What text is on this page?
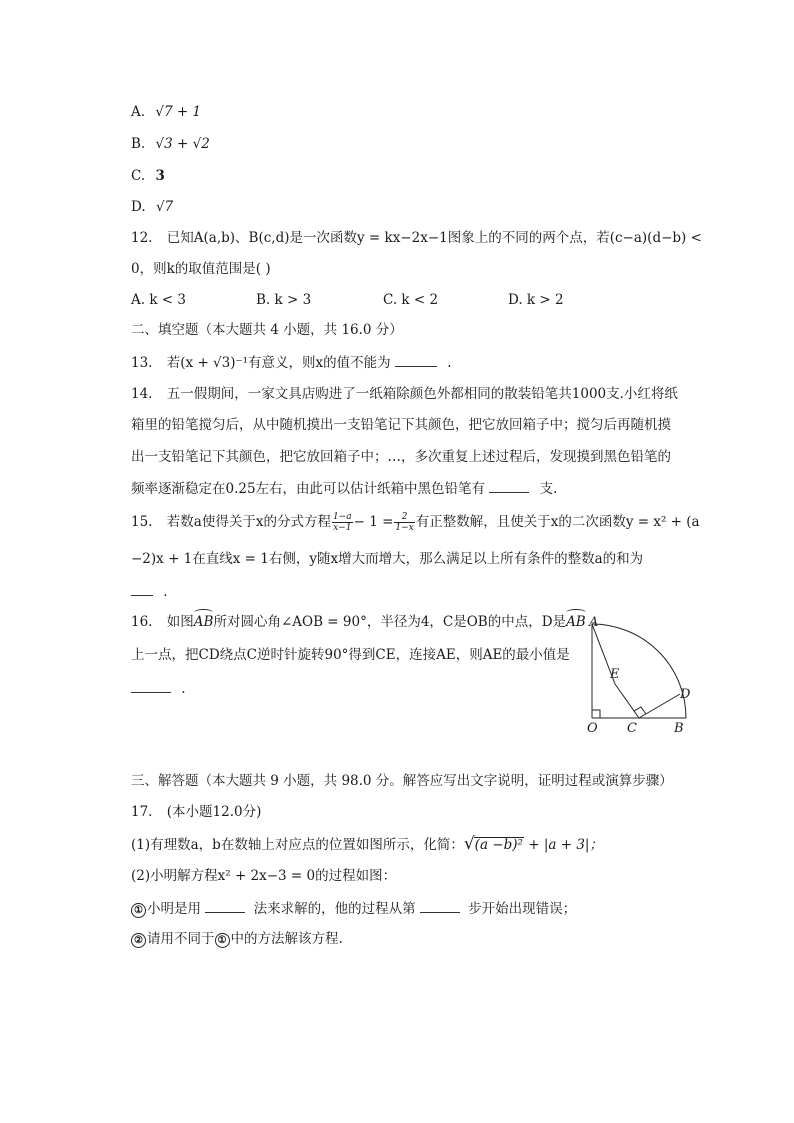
A. √7 + 1
B. √3 + √2
C. 3
D. √7
12. 已知A(a,b)、B(c,d)是一次函数y = kx−2x−1图象上的不同的两个点，若(c−a)(d−b) <
0，则k的取值范围是( )
A. k < 3	B. k > 3	C. k < 2	D. k > 2
二、填空题（本大题共 4 小题，共 16.0 分）
13. 若(x + √3)⁻¹有意义，则x的值不能为	.
14. 五一假期间，一家文具店购进了一纸箱除颜色外都相同的散装铅笔共1000支.小红将纸
箱里的铅笔搅匀后，从中随机摸出一支铅笔记下其颜色，把它放回箱子中；搅匀后再随机摸
出一支铅笔记下其颜色，把它放回箱子中；…，多次重复上述过程后，发现摸到黑色铅笔的
频率逐渐稳定在0.25左右，由此可以估计纸箱中黑色铅笔有	支.
15. 若数a使得关于x的分式方程 $\frac{1-a}{x-1} - 1 = \frac{2}{1-x}$ 有正整数解，且使关于x的二次函数y = x² + (a
−2)x + 1在直线x = 1右侧，y随x增大而增大，那么满足以上所有条件的整数a的和为
.
16. 如图AB所对圆心角∠AOB = 90°，半径为4，C是OB的中点，D是AB
上一点，把CD绕点C逆时针旋转90°得到CE，连接AE，则AE的最小值是
.
A
E
D
O C	B
三、解答题（本大题共 9 小题，共 98.0 分。解答应写出文字说明，证明过程或演算步骤）
17. (本小题12.0分)
(1)有理数a，b在数轴上对应点的位置如图所示，化简：√(a −b)² + |a + 3|；
(2)小明解方程x² + 2x−3 = 0的过程如图：
① 小明是用	法来求解的，他的过程从第	步开始出现错误；
② 请用不同于 ① 中的方法解该方程.
